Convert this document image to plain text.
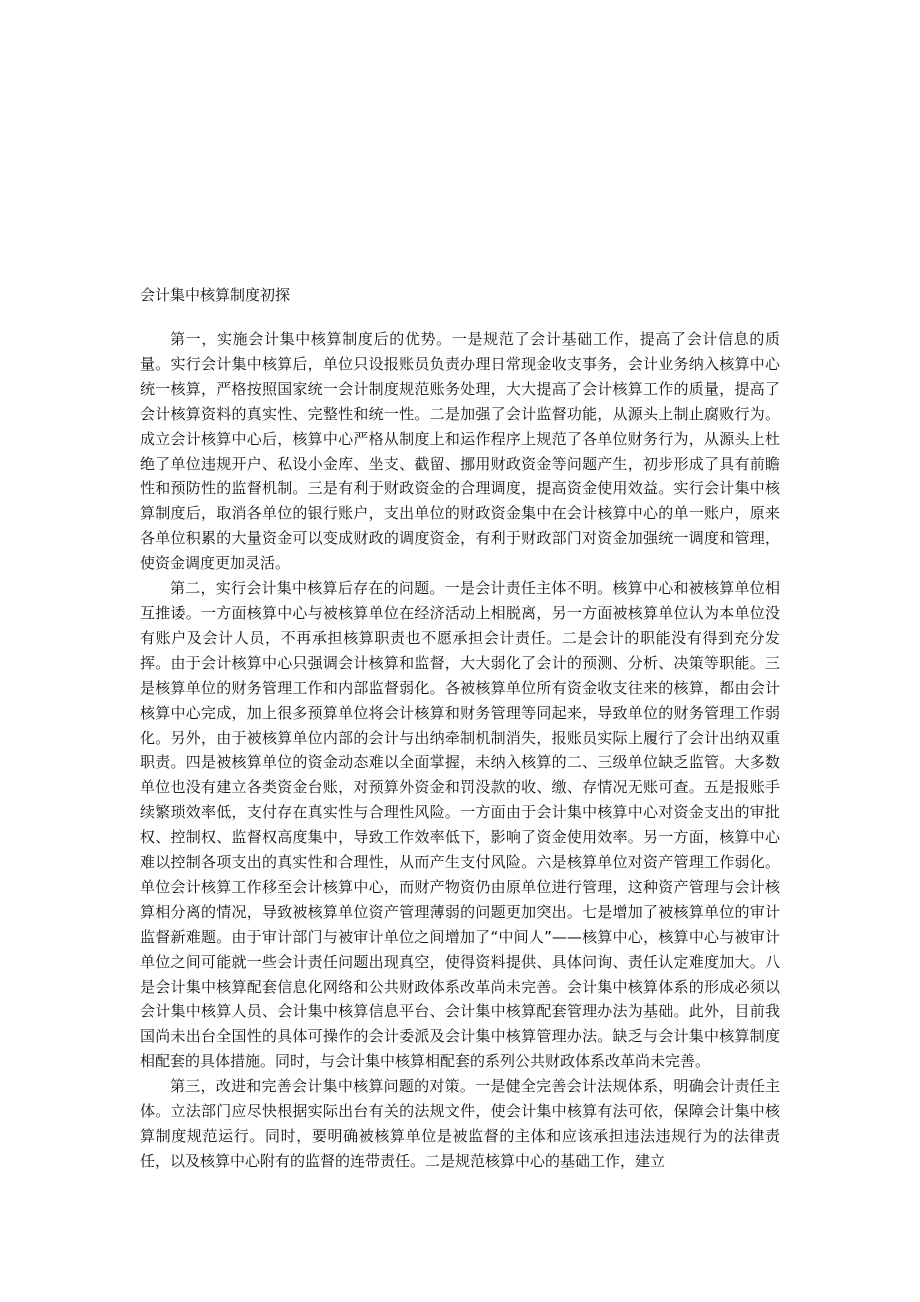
会计集中核算制度初探

第一，实施会计集中核算制度后的优势。一是规范了会计基础工作，提高了会计信息的质量。实行会计集中核算后，单位只设报账员负责办理日常现金收支事务，会计业务纳入核算中心统一核算，严格按照国家统一会计制度规范账务处理，大大提高了会计核算工作的质量，提高了会计核算资料的真实性、完整性和统一性。二是加强了会计监督功能，从源头上制止腐败行为。成立会计核算中心后，核算中心严格从制度上和运作程序上规范了各单位财务行为，从源头上杜绝了单位违规开户、私设小金库、坐支、截留、挪用财政资金等问题产生，初步形成了具有前瞻性和预防性的监督机制。三是有利于财政资金的合理调度，提高资金使用效益。实行会计集中核算制度后，取消各单位的银行账户，支出单位的财政资金集中在会计核算中心的单一账户，原来各单位积累的大量资金可以变成财政的调度资金，有利于财政部门对资金加强统一调度和管理，使资金调度更加灵活。

第二，实行会计集中核算后存在的问题。一是会计责任主体不明。核算中心和被核算单位相互推诿。一方面核算中心与被核算单位在经济活动上相脱离，另一方面被核算单位认为本单位没有账户及会计人员，不再承担核算职责也不愿承担会计责任。二是会计的职能没有得到充分发挥。由于会计核算中心只强调会计核算和监督，大大弱化了会计的预测、分析、决策等职能。三是核算单位的财务管理工作和内部监督弱化。各被核算单位所有资金收支往来的核算，都由会计核算中心完成，加上很多预算单位将会计核算和财务管理等同起来，导致单位的财务管理工作弱化。另外，由于被核算单位内部的会计与出纳牵制机制消失，报账员实际上履行了会计出纳双重职责。四是被核算单位的资金动态难以全面掌握，未纳入核算的二、三级单位缺乏监管。大多数单位也没有建立各类资金台账，对预算外资金和罚没款的收、缴、存情况无账可查。五是报账手续繁琐效率低，支付存在真实性与合理性风险。一方面由于会计集中核算中心对资金支出的审批权、控制权、监督权高度集中，导致工作效率低下，影响了资金使用效率。另一方面，核算中心难以控制各项支出的真实性和合理性，从而产生支付风险。六是核算单位对资产管理工作弱化。单位会计核算工作移至会计核算中心，而财产物资仍由原单位进行管理，这种资产管理与会计核算相分离的情况，导致被核算单位资产管理薄弱的问题更加突出。七是增加了被核算单位的审计监督新难题。由于审计部门与被审计单位之间增加了“中间人”——核算中心，核算中心与被审计单位之间可能就一些会计责任问题出现真空，使得资料提供、具体问询、责任认定难度加大。八是会计集中核算配套信息化网络和公共财政体系改革尚未完善。会计集中核算体系的形成必须以会计集中核算人员、会计集中核算信息平台、会计集中核算配套管理办法为基础。此外，目前我国尚未出台全国性的具体可操作的会计委派及会计集中核算管理办法。缺乏与会计集中核算制度相配套的具体措施。同时，与会计集中核算相配套的系列公共财政体系改革尚未完善。

第三，改进和完善会计集中核算问题的对策。一是健全完善会计法规体系，明确会计责任主体。立法部门应尽快根据实际出台有关的法规文件，使会计集中核算有法可依，保障会计集中核算制度规范运行。同时，要明确被核算单位是被监督的主体和应该承担违法违规行为的法律责任，以及核算中心附有的监督的连带责任。二是规范核算中心的基础工作，建立
